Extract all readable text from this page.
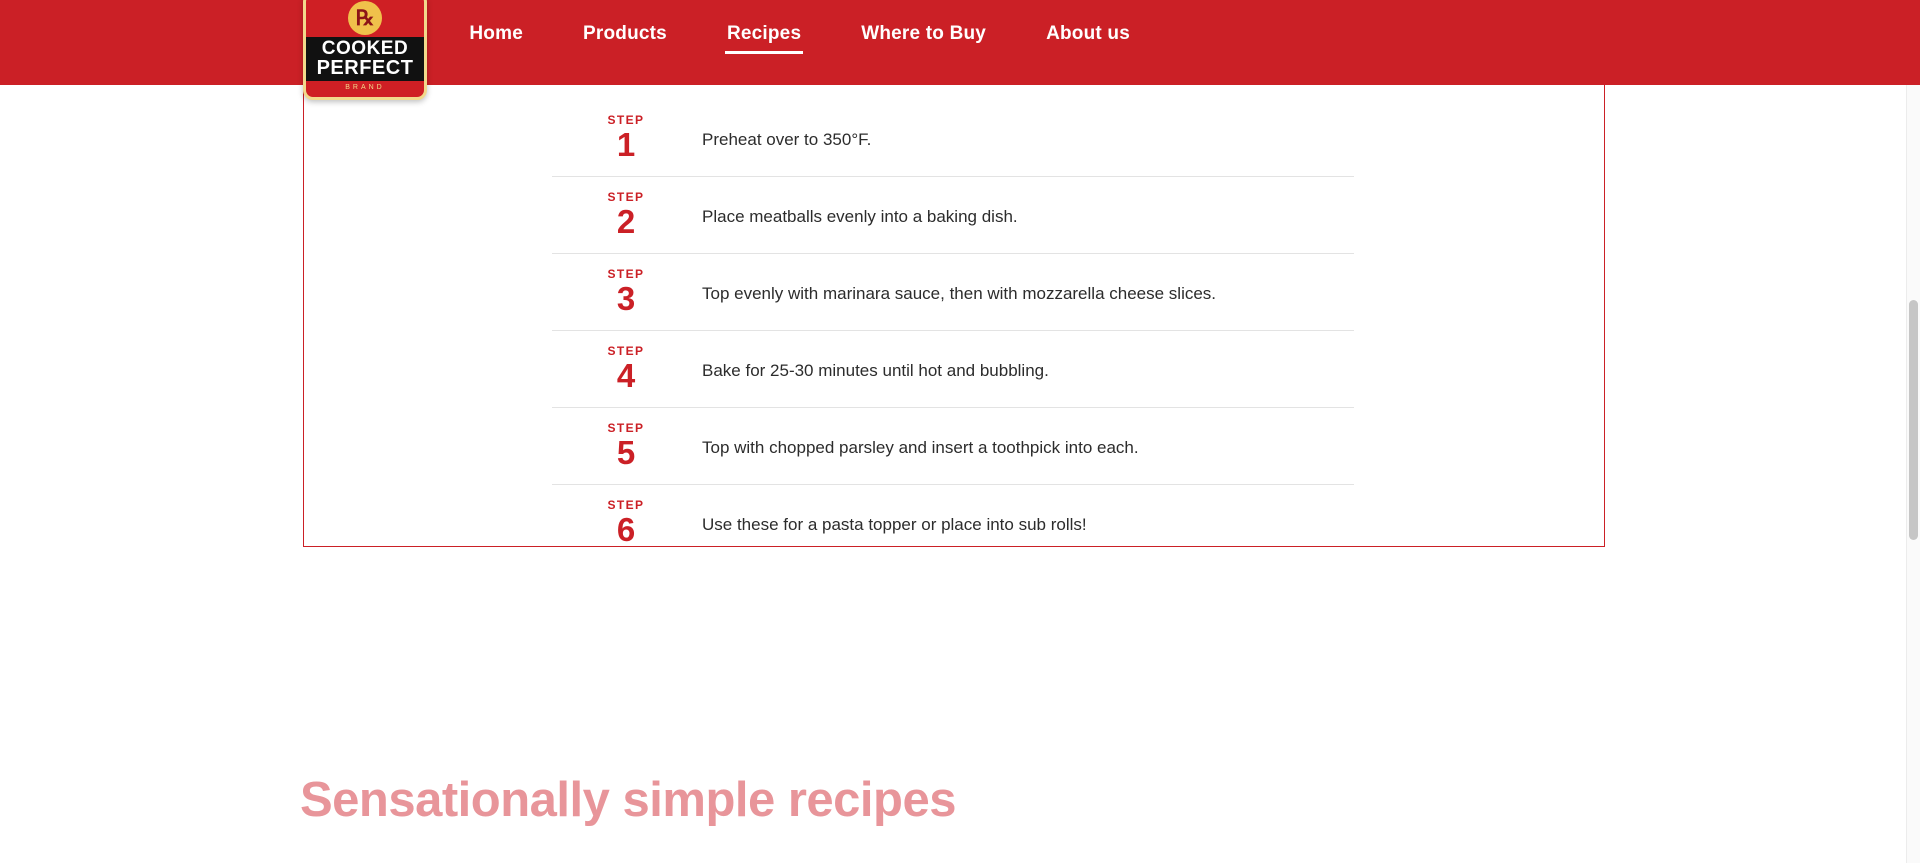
℞
COOKED
PERFECT
BRAND
Home	Products	Recipes	Where to Buy	About us
STEP
1	Preheat over to 350°F.
STEP
2	Place meatballs evenly into a baking dish.
STEP
3	Top evenly with marinara sauce, then with mozzarella cheese slices.
STEP
4	Bake for 25-30 minutes until hot and bubbling.
STEP
5	Top with chopped parsley and insert a toothpick into each.
STEP
6	Use these for a pasta topper or place into sub rolls!
Sensationally simple recipes
